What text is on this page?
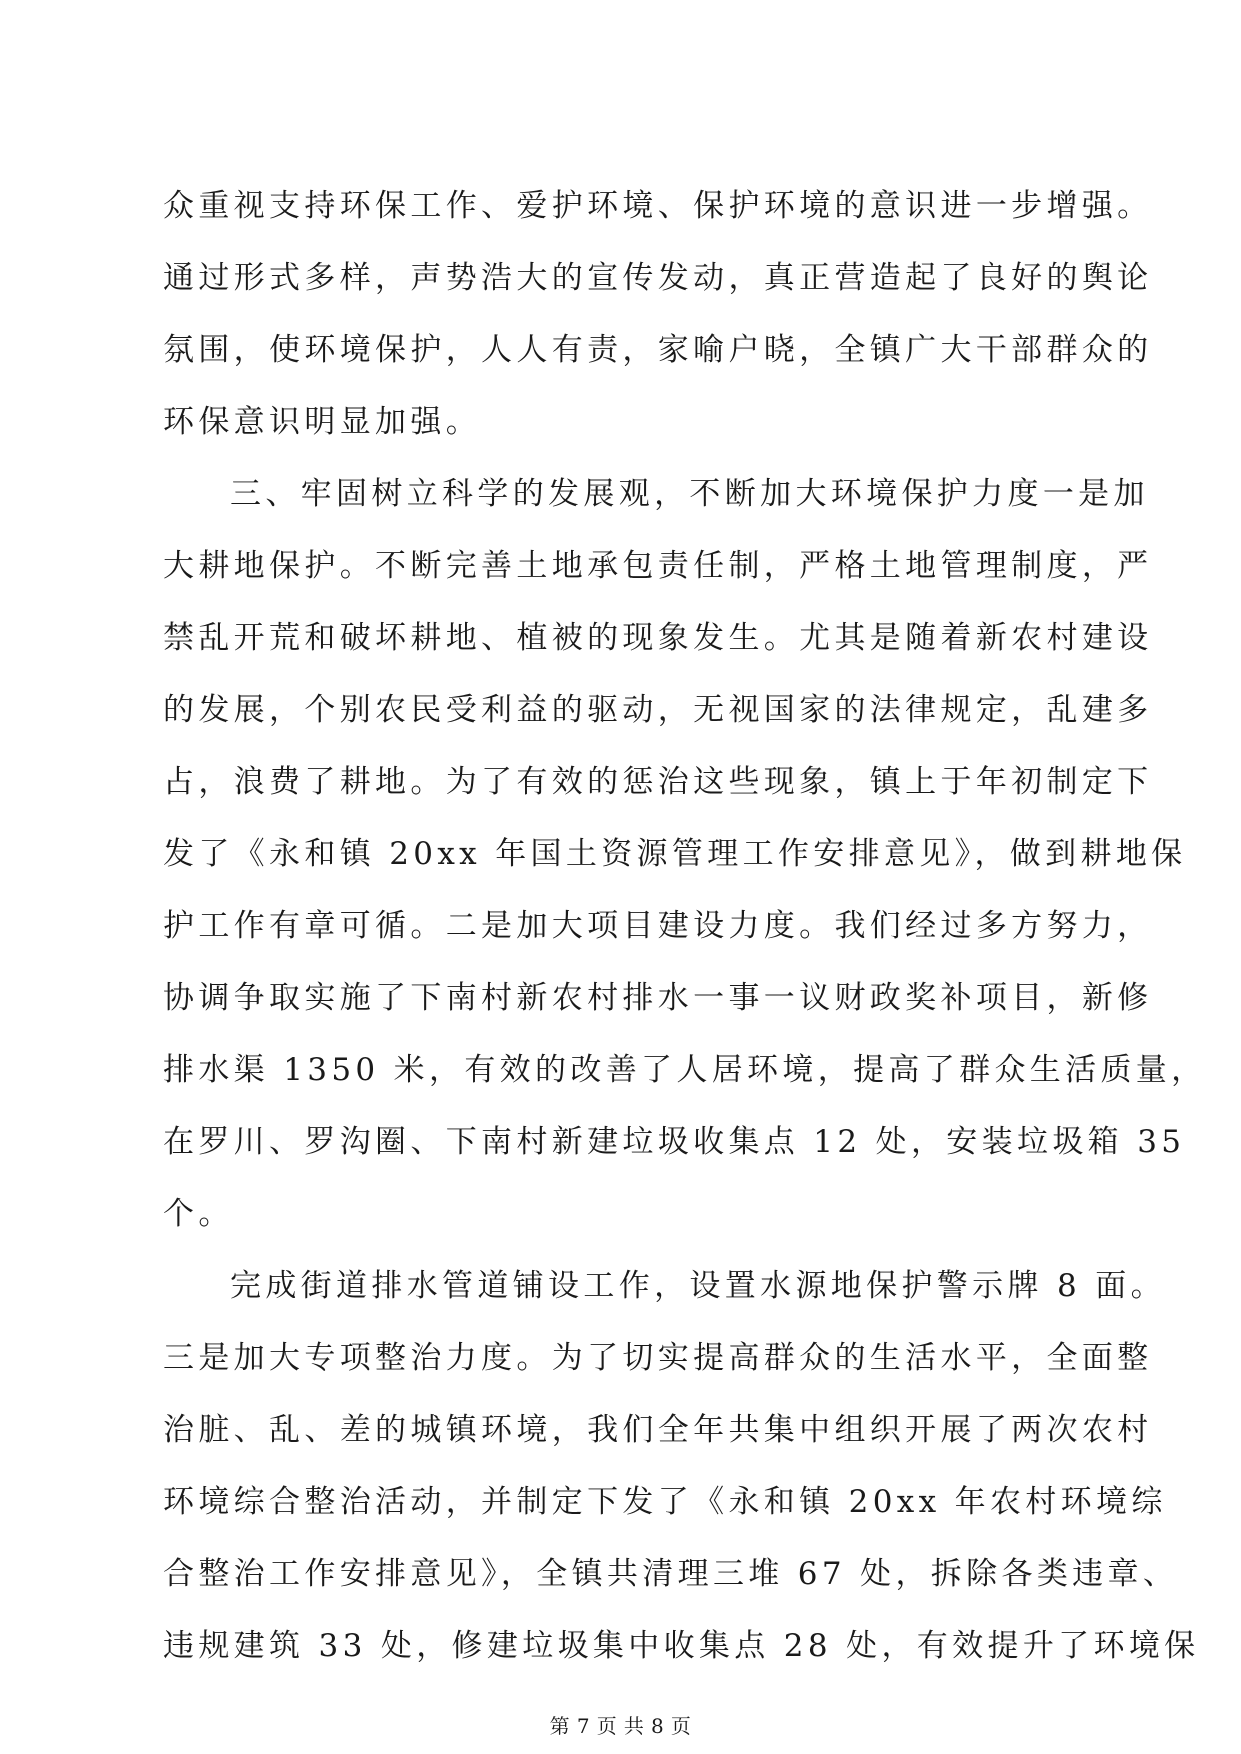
众重视支持环保工作、爱护环境、保护环境的意识进一步增强。
通过形式多样，声势浩大的宣传发动，真正营造起了良好的舆论
氛围，使环境保护，人人有责，家喻户晓，全镇广大干部群众的
环保意识明显加强。
三、牢固树立科学的发展观，不断加大环境保护力度一是加
大耕地保护。不断完善土地承包责任制，严格土地管理制度，严
禁乱开荒和破坏耕地、植被的现象发生。尤其是随着新农村建设
的发展，个别农民受利益的驱动，无视国家的法律规定，乱建多
占，浪费了耕地。为了有效的惩治这些现象，镇上于年初制定下
发了《永和镇 20xx 年国土资源管理工作安排意见》，做到耕地保
护工作有章可循。二是加大项目建设力度。我们经过多方努力，
协调争取实施了下南村新农村排水一事一议财政奖补项目，新修
排水渠 1350 米，有效的改善了人居环境，提高了群众生活质量，
在罗川、罗沟圈、下南村新建垃圾收集点 12 处，安装垃圾箱 35
个。
完成街道排水管道铺设工作，设置水源地保护警示牌 8 面。
三是加大专项整治力度。为了切实提高群众的生活水平，全面整
治脏、乱、差的城镇环境，我们全年共集中组织开展了两次农村
环境综合整治活动，并制定下发了《永和镇 20xx 年农村环境综
合整治工作安排意见》，全镇共清理三堆 67 处，拆除各类违章、
违规建筑 33 处，修建垃圾集中收集点 28 处，有效提升了环境保
第 7 页 共 8 页
